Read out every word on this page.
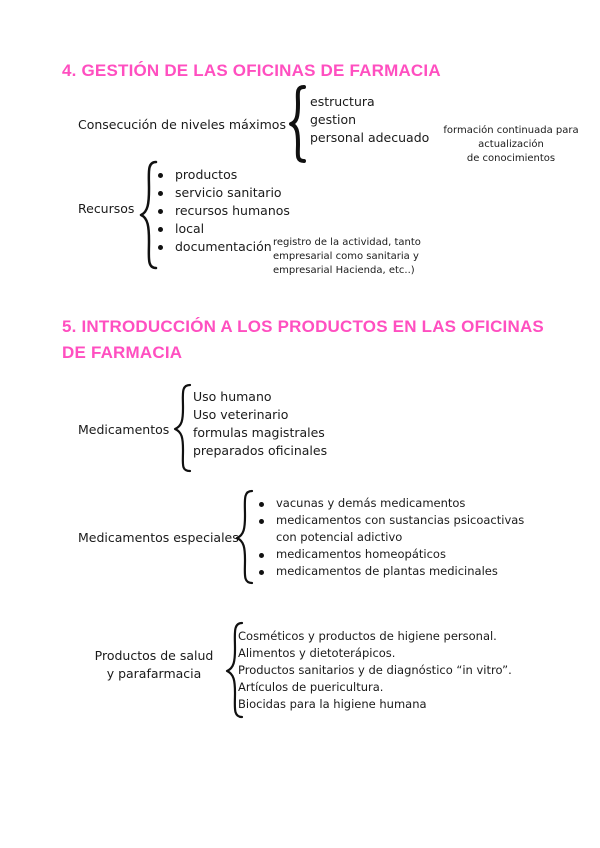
4. GESTIÓN DE LAS OFICINAS DE FARMACIA
Consecución de niveles máximos
estructura
gestion
personal adecuado	formación continuada para
actualización
de conocimientos
Recursos
productos
servicio sanitario
recursos humanos
local
documentación registro de la actividad, tanto
empresarial como sanitaria y
empresarial Hacienda, etc..)
5. INTRODUCCIÓN A LOS PRODUCTOS EN LAS OFICINAS
DE FARMACIA
Medicamentos
Uso humano
Uso veterinario
formulas magistrales
preparados oficinales
Medicamentos especiales
vacunas y demás medicamentos
medicamentos con sustancias psicoactivas
con potencial adictivo
medicamentos homeopáticos
medicamentos de plantas medicinales
Productos de salud
y parafarmacia
Cosméticos y productos de higiene personal.
Alimentos y dietoterápicos.
Productos sanitarios y de diagnóstico “in vitro”.
Artículos de puericultura.
Biocidas para la higiene humana
